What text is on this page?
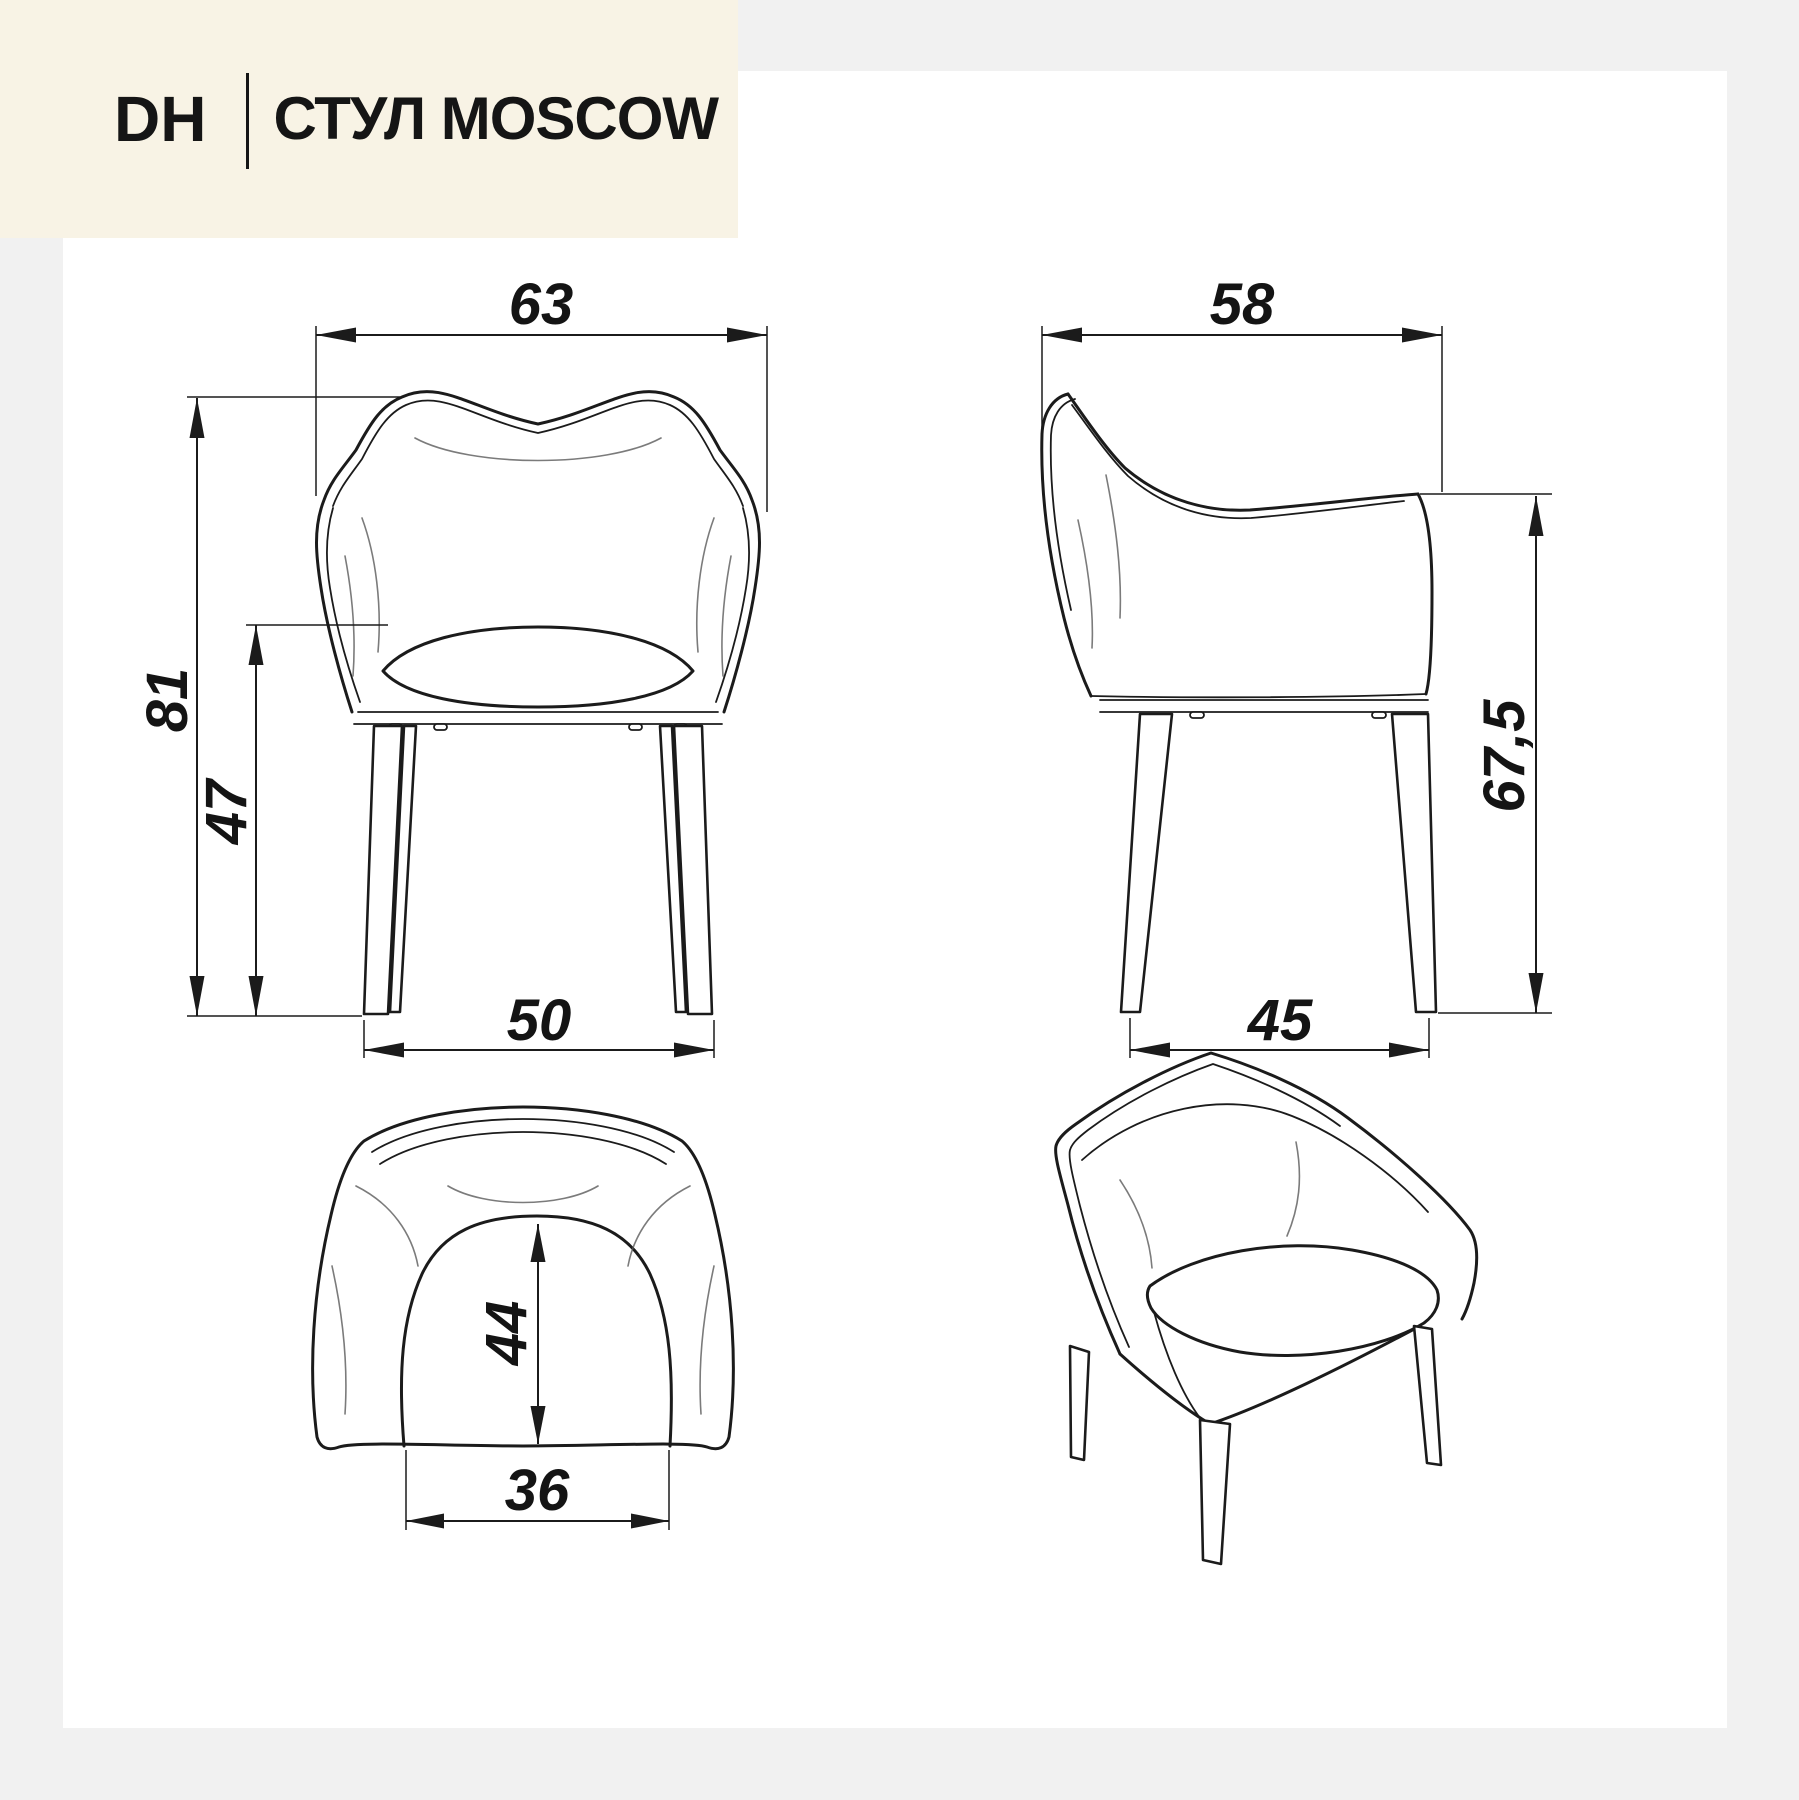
63
81
47
50
58
67,5
45
44
36
DH СТУЛ MOSCOW
